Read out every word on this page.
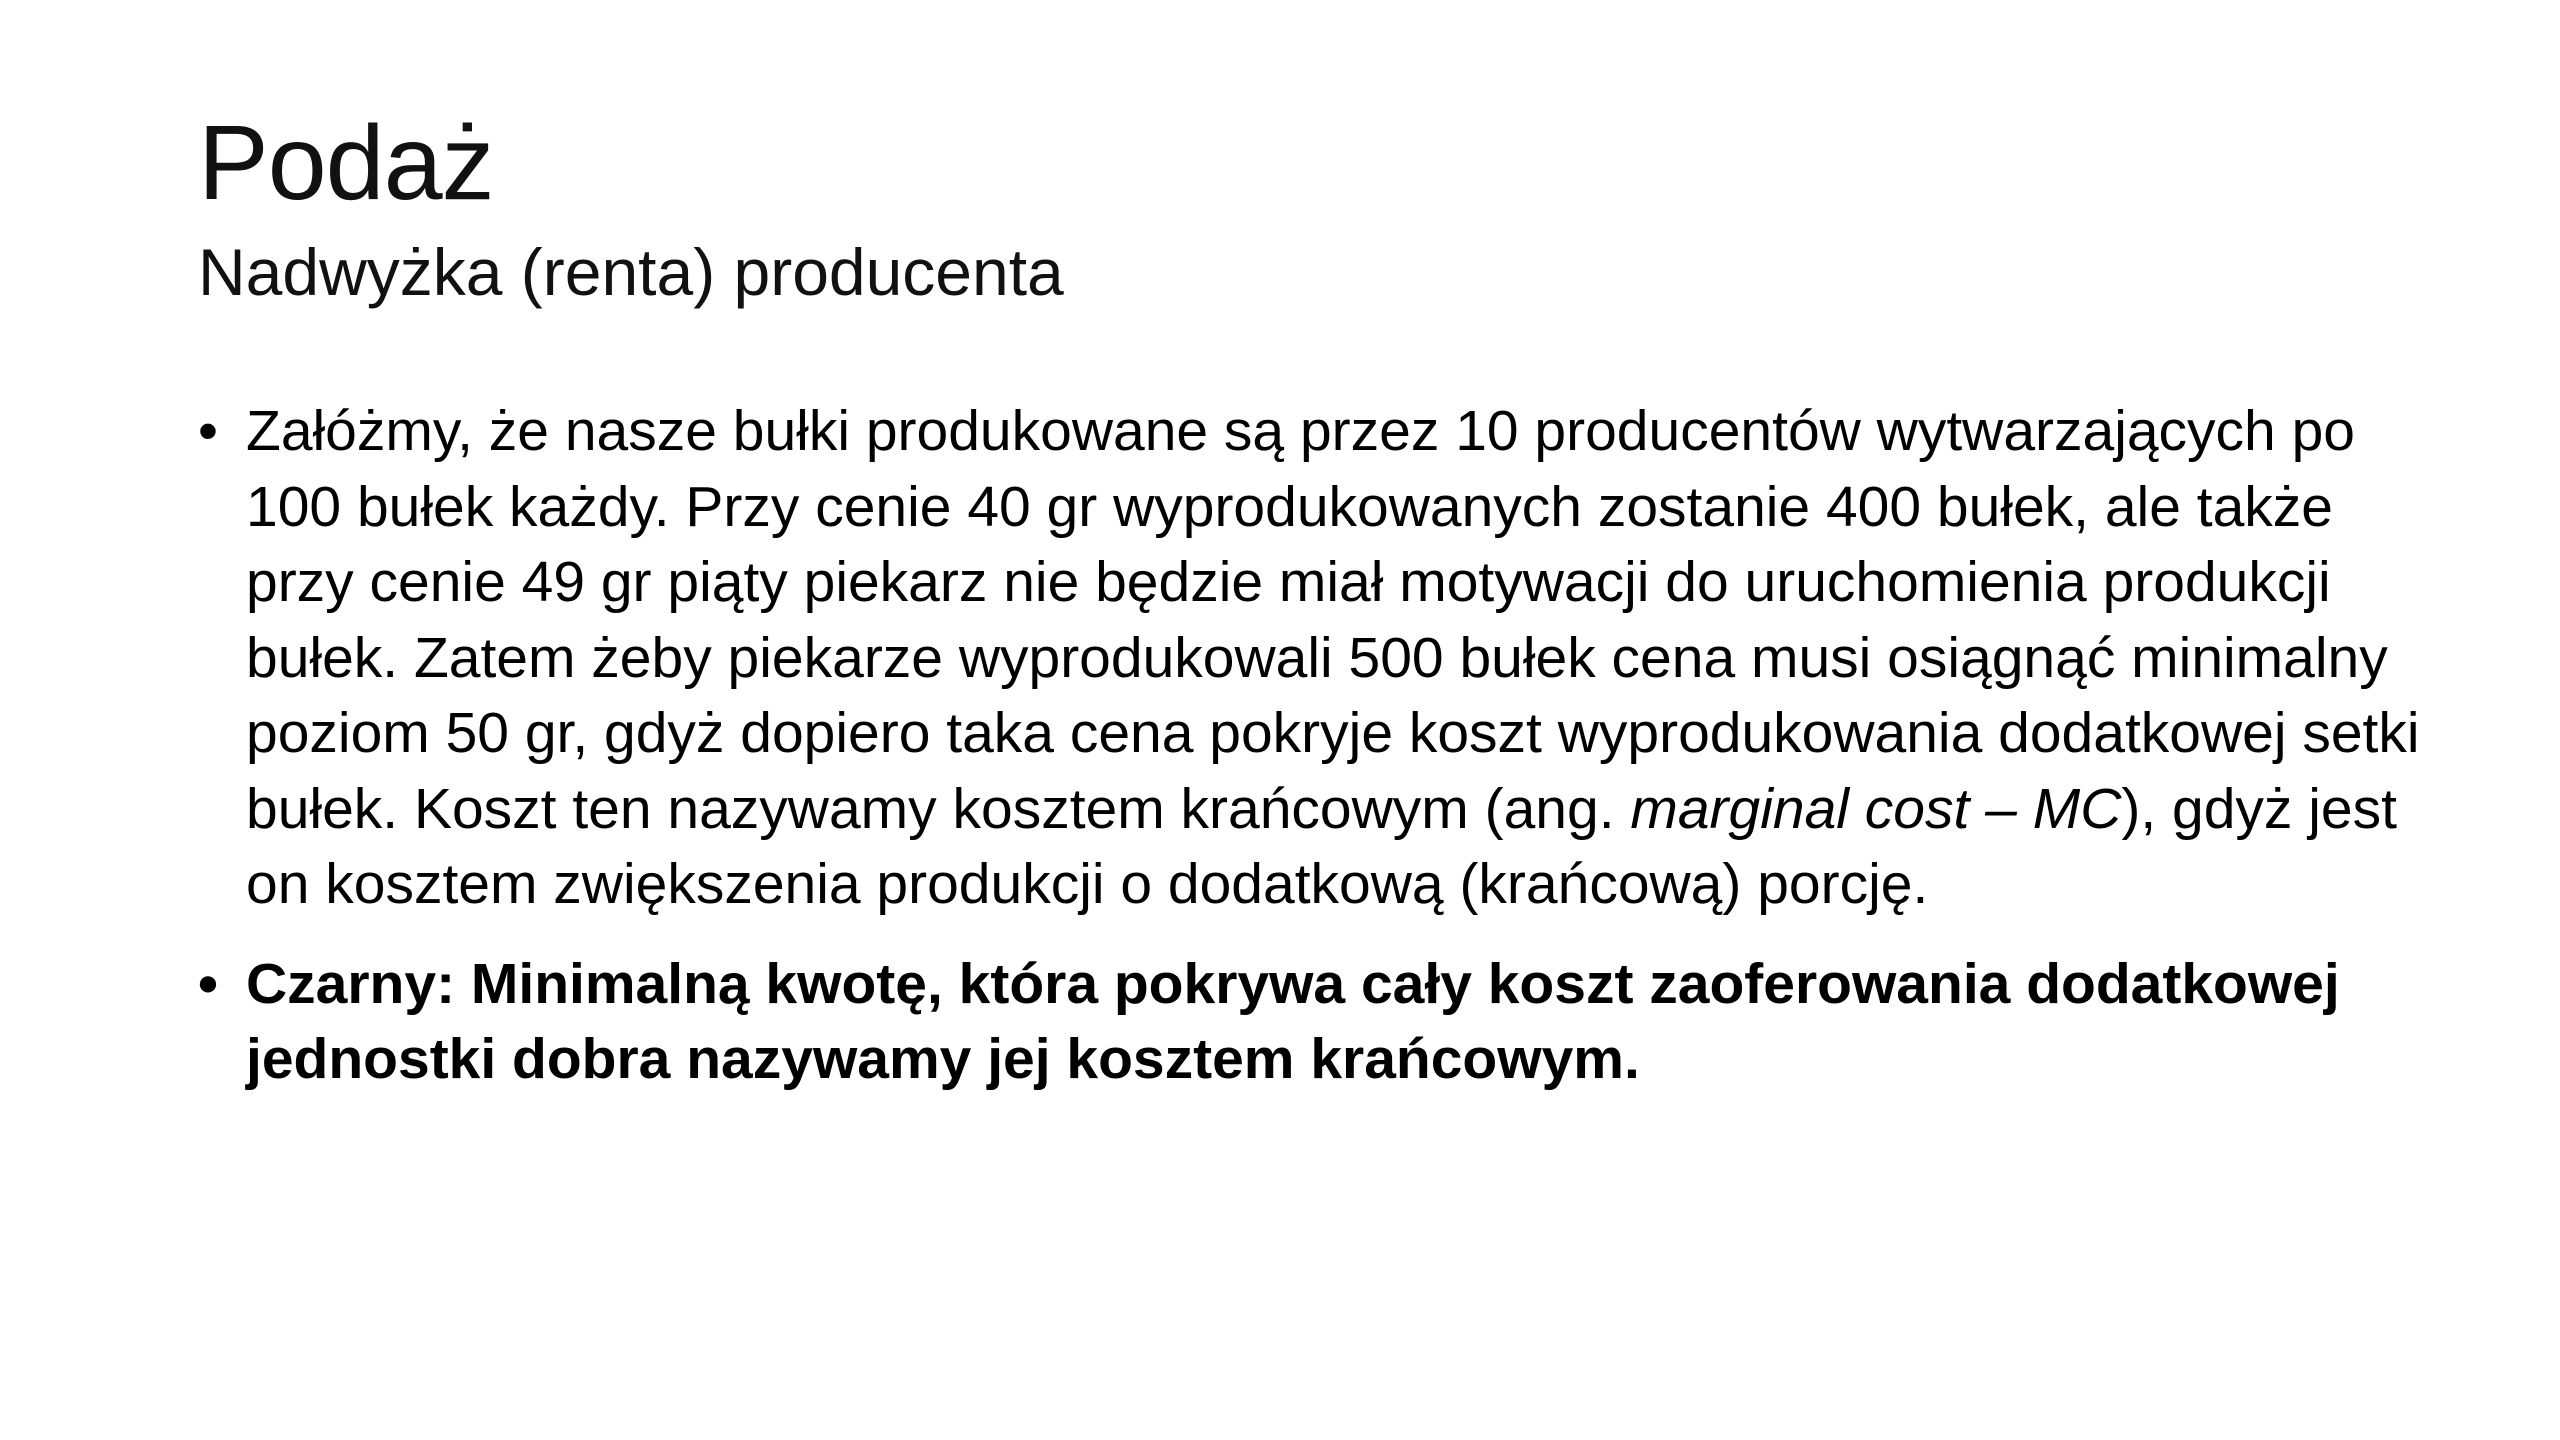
Podaż
Nadwyżka (renta) producenta
• Załóżmy, że nasze bułki produkowane są przez 10 producentów wytwarzających po 100 bułek każdy. Przy cenie 40 gr wyprodukowanych zostanie 400 bułek, ale także przy cenie 49 gr piąty piekarz nie będzie miał motywacji do uruchomienia produkcji bułek. Zatem żeby piekarze wyprodukowali 500 bułek cena musi osiągnąć minimalny poziom 50 gr, gdyż dopiero taka cena pokryje koszt wyprodukowania dodatkowej setki bułek. Koszt ten nazywamy kosztem krańcowym (ang. marginal cost – MC), gdyż jest on kosztem zwiększenia produkcji o dodatkową (krańcową) porcję.
• Czarny: Minimalną kwotę, która pokrywa cały koszt zaoferowania dodatkowej jednostki dobra nazywamy jej kosztem krańcowym.
